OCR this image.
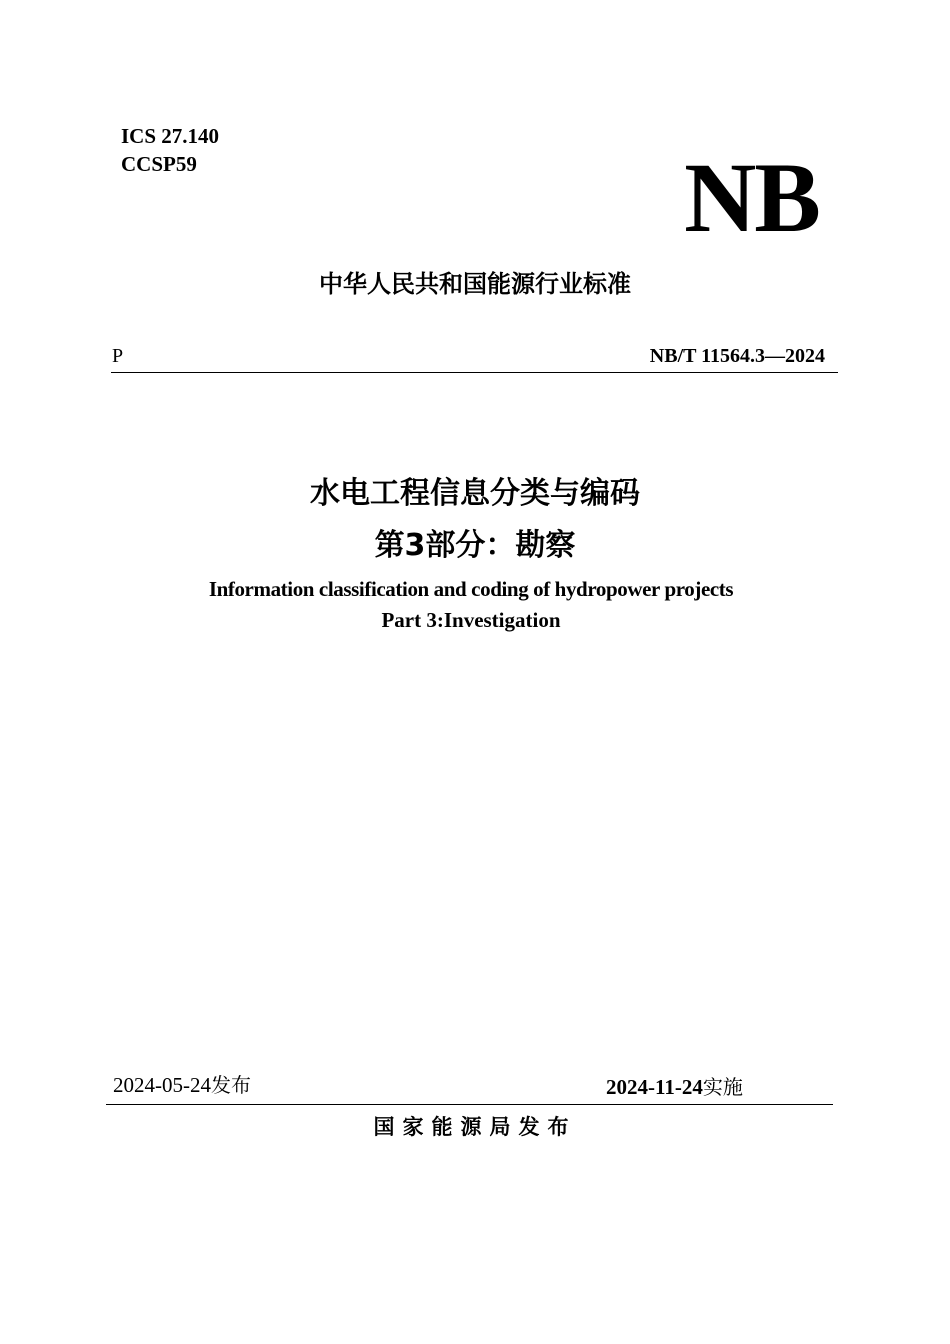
ICS 27.140
CCSP59	NB
中华人民共和国能源行业标准
P	NB/T 11564.3—2024
水电工程信息分类与编码
第3部分：勘察
Information classification and coding of hydropower projects
Part 3:Investigation
2024-05-24发布	2024-11-24实施
国家能源局发布
